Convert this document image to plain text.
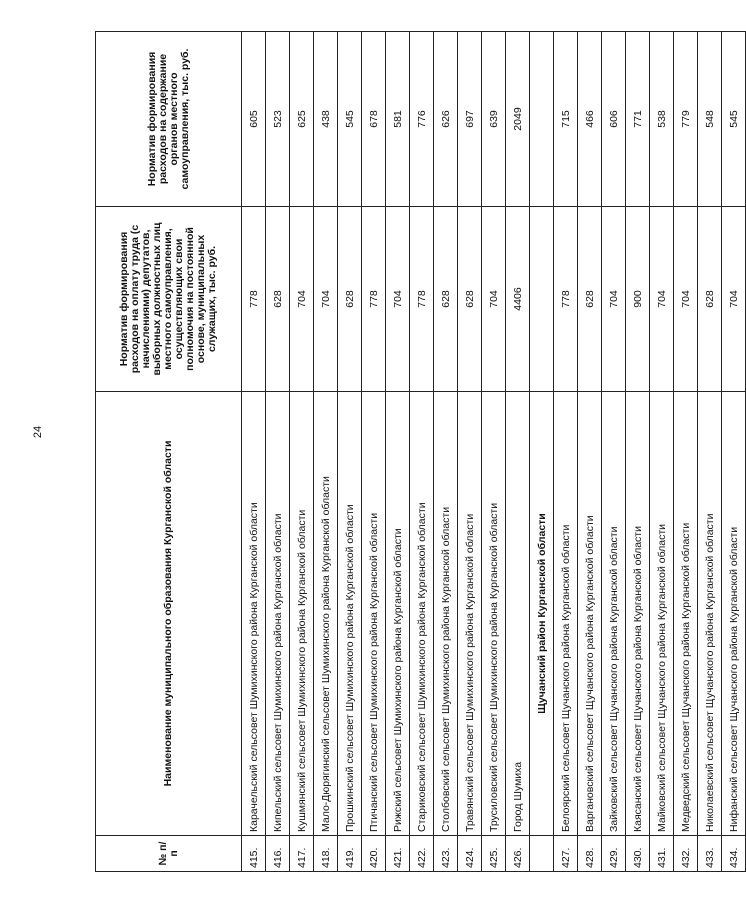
24
№ п/п	Наименование муниципального образования Курганской области	Норматив формирования расходов на оплату труда (с начислениями) депутатов, выборных должностных лиц местного самоуправления, осуществляющих свои полномочия на постоянной основе, муниципальных служащих, тыс. руб.	Норматив формирования расходов на содержание органов местного самоуправления, тыс. руб.
415.	Карачельский сельсовет Шумихинского района Курганской области	778	605
416.	Кипельский сельсовет Шумихинского района Курганской области	628	523
417.	Кушмянский сельсовет Шумихинского района Курганской области	704	625
418.	Мало-Дюрягинский сельсовет Шумихинского района Курганской области	704	438
419.	Прошкинский сельсовет Шумихинского района Курганской области	628	545
420.	Птичанский сельсовет Шумихинского района Курганской области	778	678
421.	Рижский сельсовет Шумихинского района Курганской области	704	581
422.	Стариковский сельсовет Шумихинского района Курганской области	778	776
423.	Столбовский сельсовет Шумихинского района Курганской области	628	626
424.	Травянский сельсовет Шумихинского района Курганской области	628	697
425.	Трусиловский сельсовет Шумихинского района Курганской области	704	639
426.	Город Шумиха	4406	2049
	Щучанский район Курганской области		
427.	Белоярский сельсовет Щучанского района Курганской области	778	715
428.	Варгановский сельсовет Щучанского района Курганской области	628	466
429.	Зайковский сельсовет Щучанского района Курганской области	704	606
430.	Каясанский сельсовет Щучанского района Курганской области	900	771
431.	Майковский сельсовет Щучанского района Курганской области	704	538
432.	Медведский сельсовет Щучанского района Курганской области	704	779
433.	Николаевский сельсовет Щучанского района Курганской области	628	548
434.	Нифанский сельсовет Щучанского района Курганской области	704	545
